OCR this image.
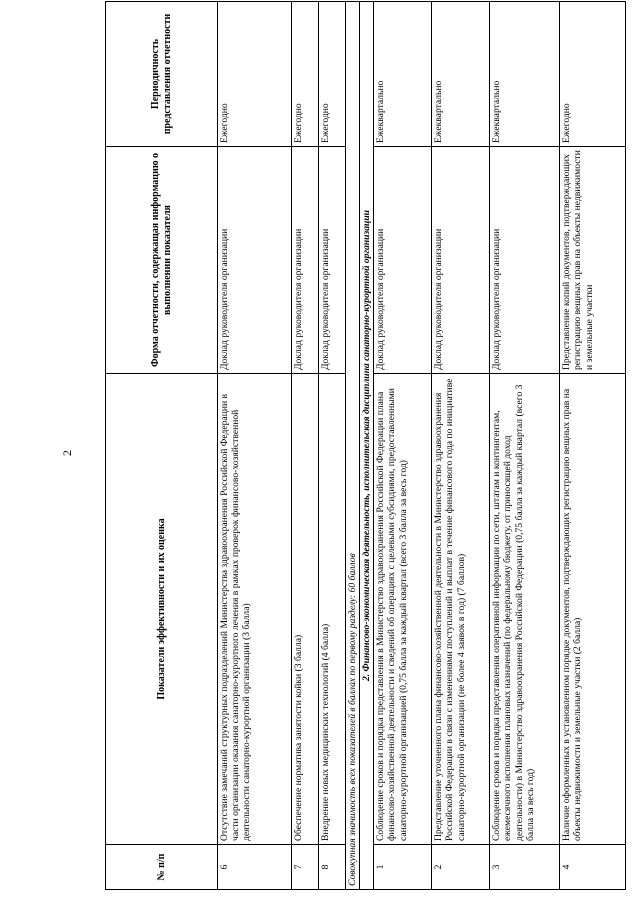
2
№ п/п	Показатели эффективности и их оценка	Форма отчетности, содержащая информацию о выполнении показателя	Периодичность представления отчетности
6	Отсутствие замечаний структурных подразделений Министерства здравоохранения Российской Федерации в части организации оказания санаторно-курортного лечения в рамках проверок финансово-хозяйственной деятельности санаторно-курортной организации (3 балла)	Доклад руководителя организации	Ежегодно
7	Обеспечение норматива занятости койки (3 балла)	Доклад руководителя организации	Ежегодно
8	Внедрение новых медицинских технологий (4 балла)	Доклад руководителя организации	Ежегодно
Совокупная значимость всех показателей в баллах по первому разделу: 60 баллов			
2. Финансово-экономическая деятельность, исполнительская дисциплина санаторно-курортной организации			
1	Соблюдение сроков и порядка представления в Министерство здравоохранения Российской Федерации плана финансово-хозяйственной деятельности и сведений об операциях с целевыми субсидиями, предоставленными санаторно-курортной организацией (0,75 балла за каждый квартал (всего 3 балла за весь год)	Доклад руководителя организации	Ежеквартально
2	Представление уточненного плана финансово-хозяйственной деятельности в Министерство здравоохранения Российской Федерации в связи с изменениями поступлений и выплат в течение финансового года по инициативе санаторно-курортной организации (не более 4 заявок в год) (7 баллов)	Доклад руководителя организации	Ежеквартально
3	Соблюдение сроков и порядка представления оперативной информации по сети, штатам и контингентам, ежемесячного исполнения плановых назначений (по федеральному бюджету, от приносящей доход деятельности) в Министерство здравоохранения Российской Федерации (0,75 балла за каждый квартал (всего 3 балла за весь год)	Доклад руководителя организации	Ежеквартально
4	Наличие оформленных в установленном порядке документов, подтверждающих регистрацию вещных прав на объекты недвижимости и земельные участки (2 балла)	Представление копий документов, подтверждающих регистрацию вещных прав на объекты недвижимости и земельные участки	Ежегодно
